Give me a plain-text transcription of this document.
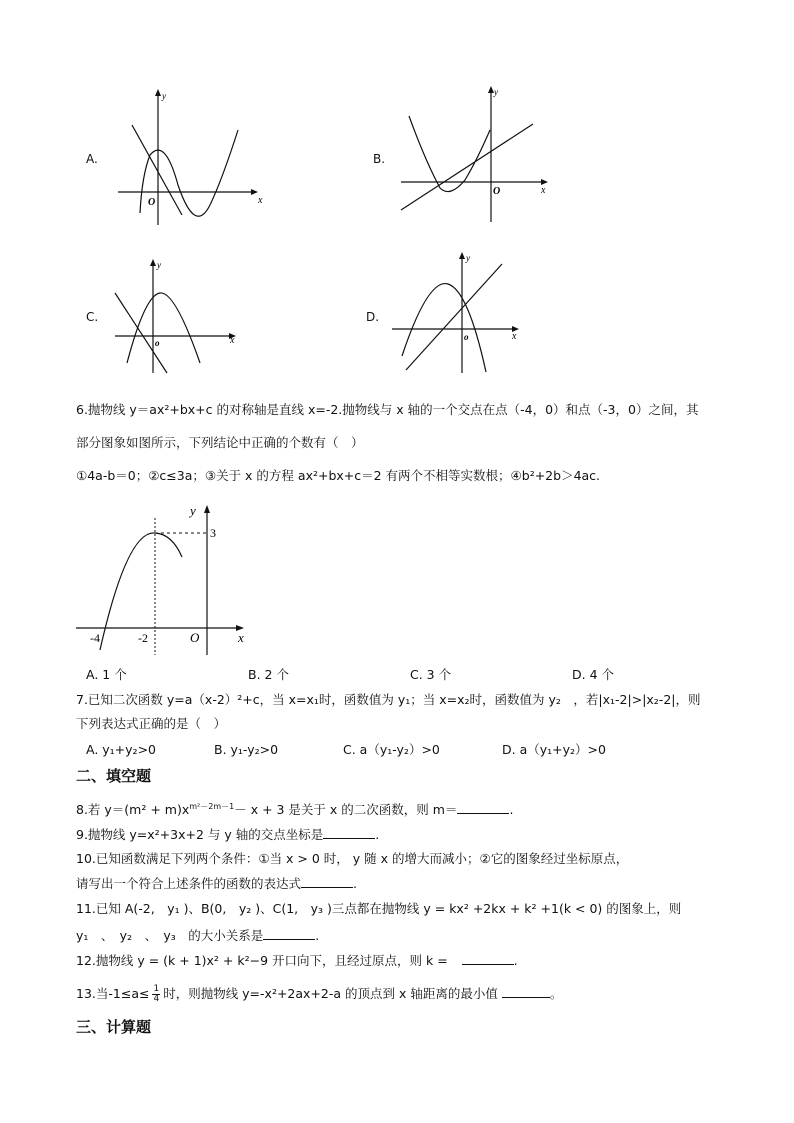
A.
y
x
O
B.
y
x
O
C.
y
x
o
D.
y
x
o
6.抛物线 y＝ax²+bx+c 的对称轴是直线 x=-2.抛物线与 x 轴的一个交点在点（-4，0）和点（-3，0）之间，其
部分图象如图所示，下列结论中正确的个数有（　）
①4a-b＝0；②c≤3a；③关于 x 的方程 ax²+bx+c＝2 有两个不相等实数根；④b²+2b＞4ac.
y
x
3
-4	-2	O
A. 1 个	B. 2 个	C. 3 个	D. 4 个
7.已知二次函数 y=a（x-2）²+c，当 x=x₁时，函数值为 y₁；当 x=x₂时，函数值为 y₂　，若|x₁-2|>|x₂-2|，则
下列表达式正确的是（　）
A. y₁+y₂>0	B. y₁-y₂>0	C. a（y₁-y₂）>0	D. a（y₁+y₂）>0
二、填空题
8.若 $y=(m^2 + m)x^{m^2-2m-1}- x + 3$ 是关于 x 的二次函数，则 m＝	.
9.抛物线 y=x²+3x+2 与 y 轴的交点坐标是	.
10.已知函数满足下列两个条件：①当 x > 0 时， y 随 x 的增大而减小；②它的图象经过坐标原点，
请写出一个符合上述条件的函数的表达式	.
11.已知 A(-2,　y₁ )、B(0,　y₂ )、C(1,　y₃ )三点都在抛物线 y = kx² +2kx + k² +1(k < 0) 的图象上，则
y₁　、　y₂　、　y₃　的大小关系是	.
12.抛物线 y = (k + 1)x² + k²−9 开口向下，且经过原点，则 k =	.
13.当$-1\le a\le \frac{1}{4}$ 时，则抛物线 y=-x²+2ax+2-a 的顶点到 x 轴距离的最小值	。
三、计算题
